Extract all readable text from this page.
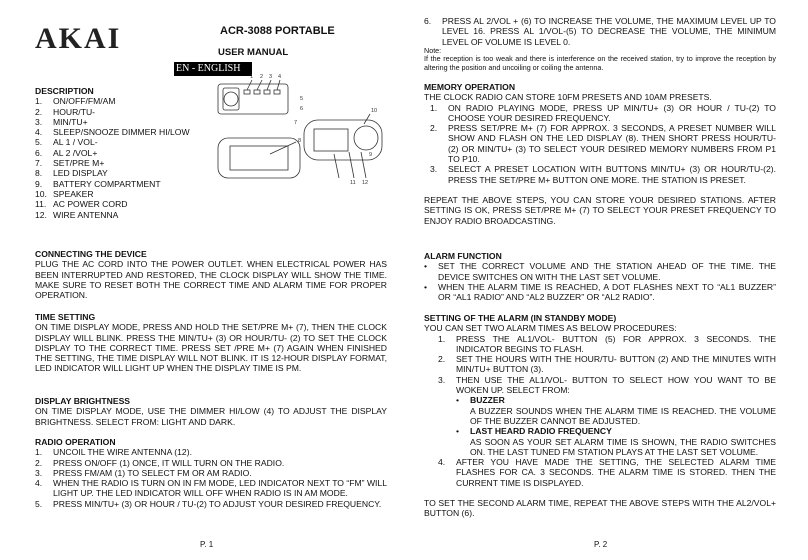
AKAI	ACR-3088 PORTABLE
USER MANUAL
EN - ENGLISH
DESCRIPTION
1.	ON/OFF/FM/AM
2.	HOUR/TU-
3.	MIN/TU+
4.	SLEEP/SNOOZE DIMMER HI/LOW
5.	AL 1 / VOL-
6.	AL 2 /VOL+
7.	SET/PRE M+
8.	LED DISPLAY
9.	BATTERY COMPARTMENT
10. SPEAKER
11. AC POWER CORD
12. WIRE ANTENNA
1 2 3 4
5
6
7
8
9
10
11 12
CONNECTING THE DEVICE
PLUG THE AC CORD INTO THE POWER OUTLET. WHEN ELECTRICAL POWER HAS BEEN INTERRUPTED AND RESTORED, THE CLOCK DISPLAY WILL SHOW THE TIME. MAKE SURE TO RESET BOTH THE CORRECT TIME AND ALARM TIME FOR PROPER OPERATION.
TIME SETTING
ON TIME DISPLAY MODE, PRESS AND HOLD THE SET/PRE M+ (7), THEN THE CLOCK DISPLAY WILL BLINK. PRESS THE MIN/TU+ (3) OR HOUR/TU- (2) TO SET THE CLOCK DISPLAY TO THE CORRECT TIME. PRESS SET /PRE M+ (7) AGAIN WHEN FINISHED THE SETTING, THE TIME DISPLAY WILL NOT BLINK. IT IS 12-HOUR DISPLAY FORMAT, LED INDICATOR WILL LIGHT UP WHEN THE DISPLAY TIME IS PM.
DISPLAY BRIGHTNESS
ON TIME DISPLAY MODE, USE THE DIMMER HI/LOW (4) TO ADJUST THE DISPLAY BRIGHTNESS. SELECT FROM: LIGHT AND DARK.
RADIO OPERATION
1.	UNCOIL THE WIRE ANTENNA (12).
2.	PRESS ON/OFF (1) ONCE, IT WILL TURN ON THE RADIO.
3.	PRESS FM/AM (1) TO SELECT FM OR AM RADIO.
4.	WHEN THE RADIO IS TURN ON IN FM MODE, LED INDICATOR NEXT TO “FM” WILL LIGHT UP. THE LED INDICATOR WILL OFF WHEN RADIO IS IN AM MODE.
5.	PRESS MIN/TU+ (3) OR HOUR / TU-(2) TO ADJUST YOUR DESIRED FREQUENCY.
P. 1
6.	PRESS AL 2/VOL + (6) TO INCREASE THE VOLUME, THE MAXIMUM LEVEL UP TO LEVEL 16. PRESS AL 1/VOL-(5) TO DECREASE THE VOLUME, THE MINIMUM LEVEL OF VOLUME IS LEVEL 0.
Note:
If the reception is too weak and there is interference on the received station, try to improve the reception by altering the position and uncoiling or coiling the antenna.
MEMORY OPERATION
THE CLOCK RADIO CAN STORE 10FM PRESETS AND 10AM PRESETS.
1.	ON RADIO PLAYING MODE, PRESS UP MIN/TU+ (3) OR HOUR / TU-(2) TO CHOOSE YOUR DESIRED FREQUENCY.
2.	PRESS SET/PRE M+ (7) FOR APPROX. 3 SECONDS, A PRESET NUMBER WILL SHOW AND FLASH ON THE LED DISPLAY (8). THEN SHORT PRESS HOUR/TU- (2) OR MIN/TU+ (3) TO SELECT YOUR DESIRED MEMORY NUMBERS FROM P1 TO P10.
3.	SELECT A PRESET LOCATION WITH BUTTONS MIN/TU+ (3) OR HOUR/TU-(2). PRESS THE SET/PRE M+ BUTTON ONE MORE. THE STATION IS PRESET.
REPEAT THE ABOVE STEPS, YOU CAN STORE YOUR DESIRED STATIONS. AFTER SETTING IS OK, PRESS SET/PRE M+ (7) TO SELECT YOUR PRESET FREQUENCY TO ENJOY RADIO BROADCASTING.
ALARM FUNCTION
•	SET THE CORRECT VOLUME AND THE STATION AHEAD OF THE TIME. THE DEVICE SWITCHES ON WITH THE LAST SET VOLUME.
•	WHEN THE ALARM TIME IS REACHED, A DOT FLASHES NEXT TO “AL1 BUZZER” OR “AL1 RADIO” AND “AL2 BUZZER” OR “AL2 RADIO”.
SETTING OF THE ALARM (IN STANDBY MODE)
YOU CAN SET TWO ALARM TIMES AS BELOW PROCEDURES:
1.	PRESS THE AL1/VOL- BUTTON (5) FOR APPROX. 3 SECONDS. THE INDICATOR BEGINS TO FLASH.
2.	SET THE HOURS WITH THE HOUR/TU- BUTTON (2) AND THE MINUTES WITH MIN/TU+ BUTTON (3).
3.	THEN USE THE AL1/VOL- BUTTON TO SELECT HOW YOU WANT TO BE WOKEN UP. SELECT FROM:
•	BUZZER
A BUZZER SOUNDS WHEN THE ALARM TIME IS REACHED. THE VOLUME OF THE BUZZER CANNOT BE ADJUSTED.
•	LAST HEARD RADIO FREQUENCY
AS SOON AS YOUR SET ALARM TIME IS SHOWN, THE RADIO SWITCHES ON. THE LAST TUNED FM STATION PLAYS AT THE LAST SET VOLUME.
4.	AFTER YOU HAVE MADE THE SETTING, THE SELECTED ALARM TIME FLASHES FOR CA. 3 SECONDS. THE ALARM TIME IS STORED. THEN THE CURRENT TIME IS DISPLAYED.
TO SET THE SECOND ALARM TIME, REPEAT THE ABOVE STEPS WITH THE AL2/VOL+ BUTTON (6).
P. 2
